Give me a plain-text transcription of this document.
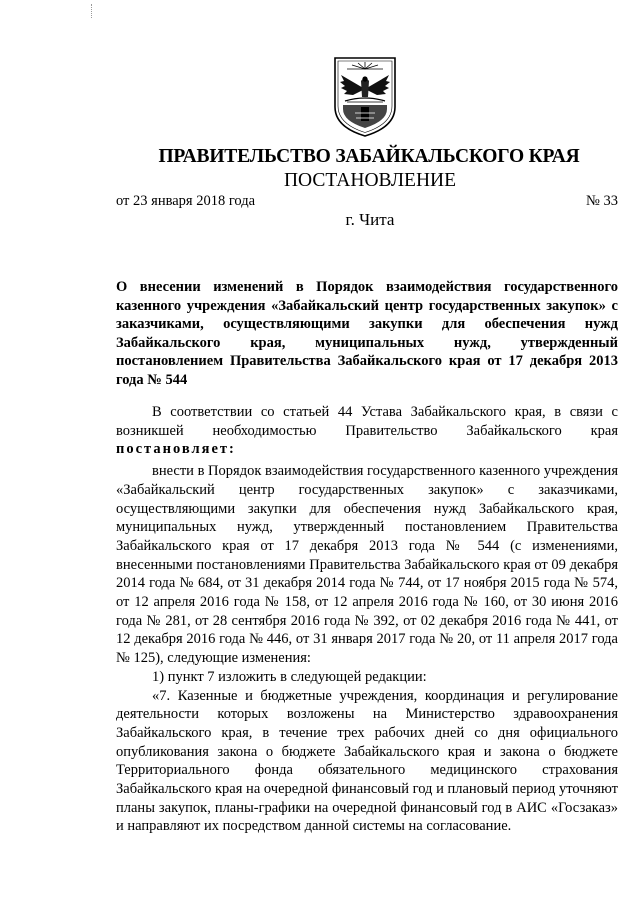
ПРАВИТЕЛЬСТВО ЗАБАЙКАЛЬСКОГО КРАЯ
ПОСТАНОВЛЕНИЕ
от 23 января 2018 года	№ 33
г. Чита
О внесении изменений в Порядок взаимодействия государственного казенного учреждения «Забайкальский центр государственных закупок» с заказчиками, осуществляющими закупки для обеспечения нужд Забайкальского края, муниципальных нужд, утвержденный постановлением Правительства Забайкальского края от 17 декабря 2013 года № 544

В соответствии со статьей 44 Устава Забайкальского края, в связи с возникшей необходимостью Правительство Забайкальского края постановляет:

внести в Порядок взаимодействия государственного казенного учреждения «Забайкальский центр государственных закупок» с заказчиками, осуществляющими закупки для обеспечения нужд Забайкальского края, муниципальных нужд, утвержденный постановлением Правительства Забайкальского края от 17 декабря 2013 года № 544 (с изменениями, внесенными постановлениями Правительства Забайкальского края от 09 декабря 2014 года № 684, от 31 декабря 2014 года № 744, от 17 ноября 2015 года № 574, от 12 апреля 2016 года № 158, от 12 апреля 2016 года № 160, от 30 июня 2016 года № 281, от 28 сентября 2016 года № 392, от 02 декабря 2016 года № 441, от 12 декабря 2016 года № 446, от 31 января 2017 года № 20, от 11 апреля 2017 года № 125), следующие изменения:

1) пункт 7 изложить в следующей редакции:

«7. Казенные и бюджетные учреждения, координация и регулирование деятельности которых возложены на Министерство здравоохранения Забайкальского края, в течение трех рабочих дней со дня официального опубликования закона о бюджете Забайкальского края и закона о бюджете Территориального фонда обязательного медицинского страхования Забайкальского края на очередной финансовый год и плановый период уточняют планы закупок, планы-графики на очередной финансовый год в АИС «Госзаказ» и направляют их посредством данной системы на согласование.
